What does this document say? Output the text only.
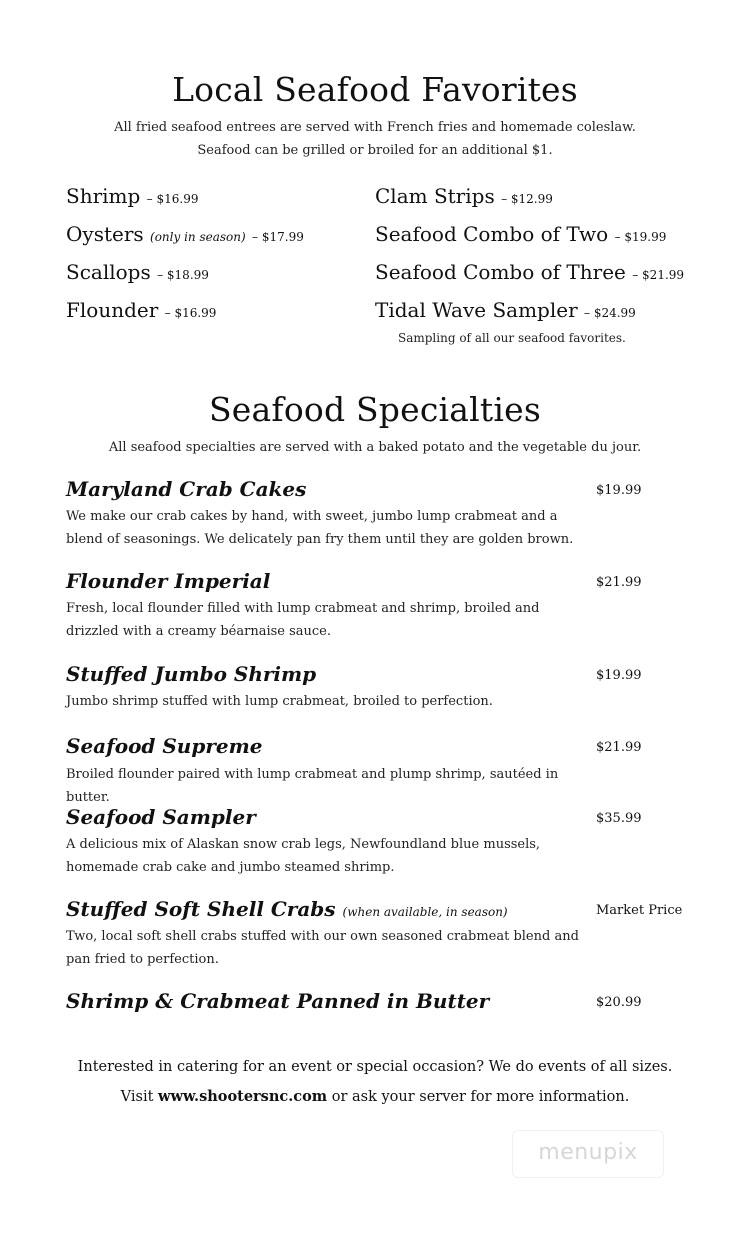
Local Seafood Favorites
All fried seafood entrees are served with French fries and homemade coleslaw.
Seafood can be grilled or broiled for an additional $1.
Shrimp – $16.99
Oysters (only in season) – $17.99
Scallops – $18.99
Flounder – $16.99
Clam Strips – $12.99
Seafood Combo of Two – $19.99
Seafood Combo of Three – $21.99
Tidal Wave Sampler – $24.99
Sampling of all our seafood favorites.
Seafood Specialties
All seafood specialties are served with a baked potato and the vegetable du jour.
Maryland Crab Cakes	$19.99
We make our crab cakes by hand, with sweet, jumbo lump crabmeat and a blend of seasonings. We delicately pan fry them until they are golden brown.
Flounder Imperial	$21.99
Fresh, local flounder filled with lump crabmeat and shrimp, broiled and drizzled with a creamy béarnaise sauce.
Stuffed Jumbo Shrimp	$19.99
Jumbo shrimp stuffed with lump crabmeat, broiled to perfection.
Seafood Supreme	$21.99
Broiled flounder paired with lump crabmeat and plump shrimp, sautéed in butter.
Seafood Sampler	$35.99
A delicious mix of Alaskan snow crab legs, Newfoundland blue mussels, homemade crab cake and jumbo steamed shrimp.
Stuffed Soft Shell Crabs (when available, in season)	Market Price
Two, local soft shell crabs stuffed with our own seasoned crabmeat blend and pan fried to perfection.
Shrimp & Crabmeat Panned in Butter	$20.99
Interested in catering for an event or special occasion? We do events of all sizes.
Visit www.shootersnc.com or ask your server for more information.
menupix
